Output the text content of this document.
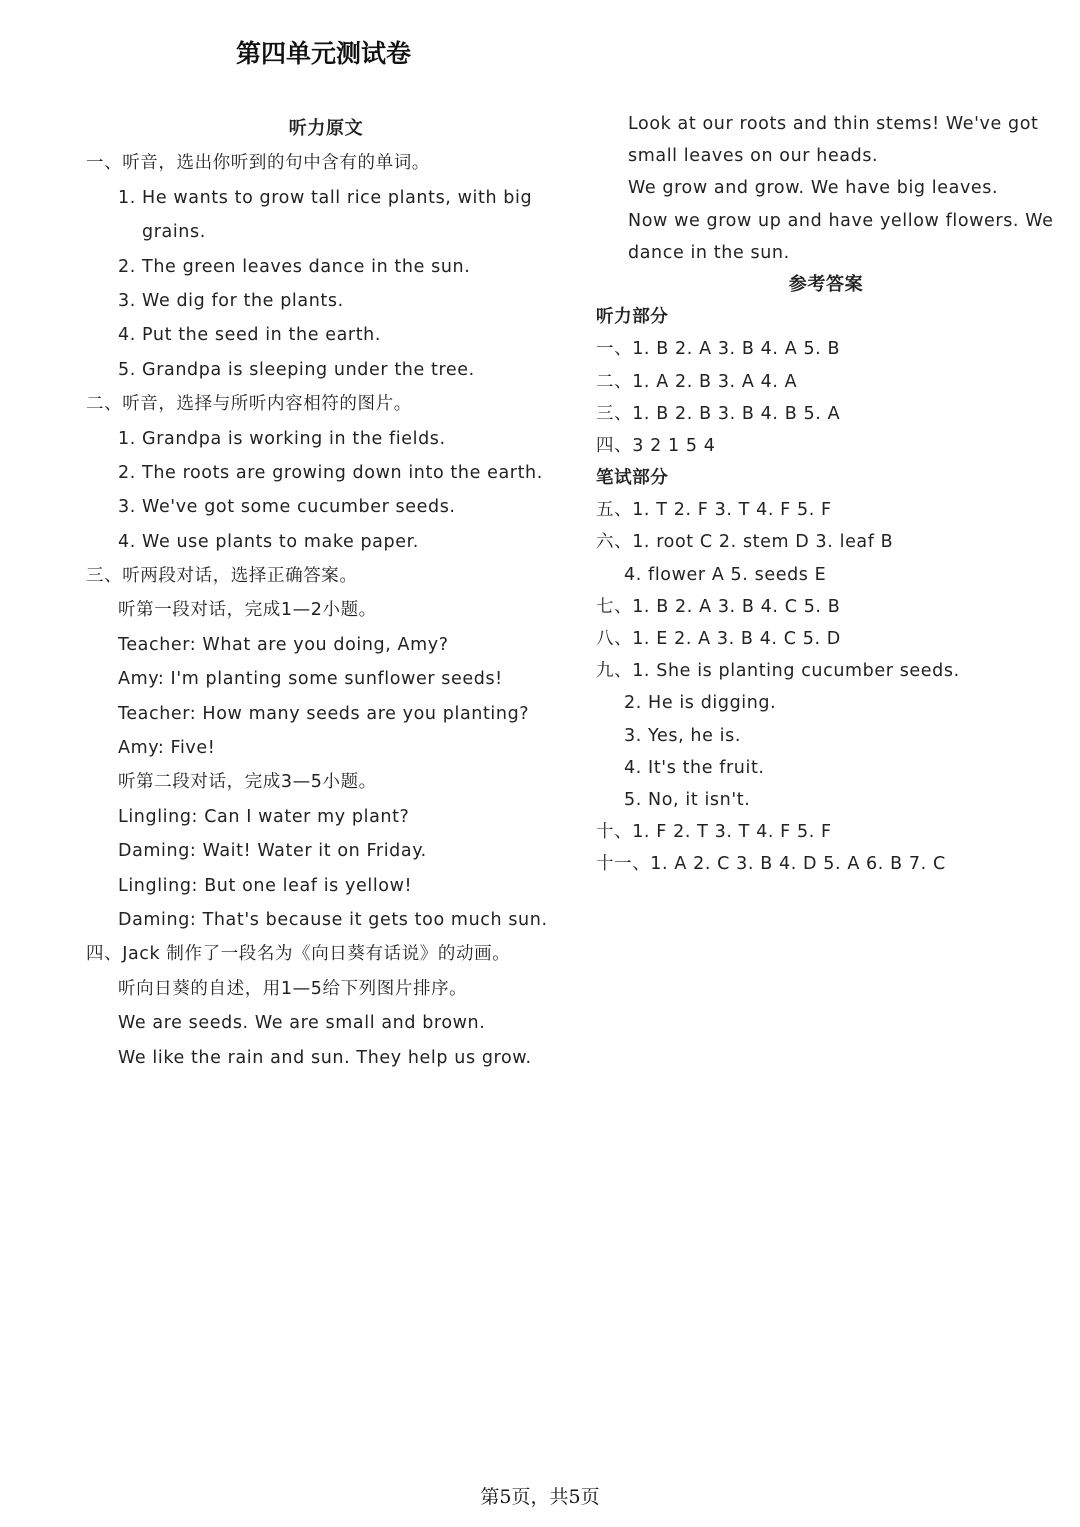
第四单元测试卷
听力原文
一、听音，选出你听到的句中含有的单词。
1. He wants to grow tall rice plants, with big
grains.
2. The green leaves dance in the sun.
3. We dig for the plants.
4. Put the seed in the earth.
5. Grandpa is sleeping under the tree.
二、听音，选择与所听内容相符的图片。
1. Grandpa is working in the fields.
2. The roots are growing down into the earth.
3. We've got some cucumber seeds.
4. We use plants to make paper.
三、听两段对话，选择正确答案。
听第一段对话，完成1—2小题。
Teacher: What are you doing, Amy?
Amy: I'm planting some sunflower seeds!
Teacher: How many seeds are you planting?
Amy: Five!
听第二段对话，完成3—5小题。
Lingling: Can I water my plant?
Daming: Wait! Water it on Friday.
Lingling: But one leaf is yellow!
Daming: That's because it gets too much sun.
四、Jack 制作了一段名为《向日葵有话说》的动画。
听向日葵的自述，用1—5给下列图片排序。
We are seeds. We are small and brown.
We like the rain and sun. They help us grow.
Look at our roots and thin stems! We've got
small leaves on our heads.
We grow and grow. We have big leaves.
Now we grow up and have yellow flowers. We
dance in the sun.
参考答案
听力部分
一、1. B 2. A 3. B 4. A 5. B
二、1. A 2. B 3. A 4. A
三、1. B 2. B 3. B 4. B 5. A
四、3 2 1 5 4
笔试部分
五、1. T 2. F 3. T 4. F 5. F
六、1. root C 2. stem D 3. leaf B
4. flower A 5. seeds E
七、1. B 2. A 3. B 4. C 5. B
八、1. E 2. A 3. B 4. C 5. D
九、1. She is planting cucumber seeds.
2. He is digging.
3. Yes, he is.
4. It's the fruit.
5. No, it isn't.
十、1. F 2. T 3. T 4. F 5. F
十一、1. A 2. C 3. B 4. D 5. A 6. B 7. C
第5页，共5页
